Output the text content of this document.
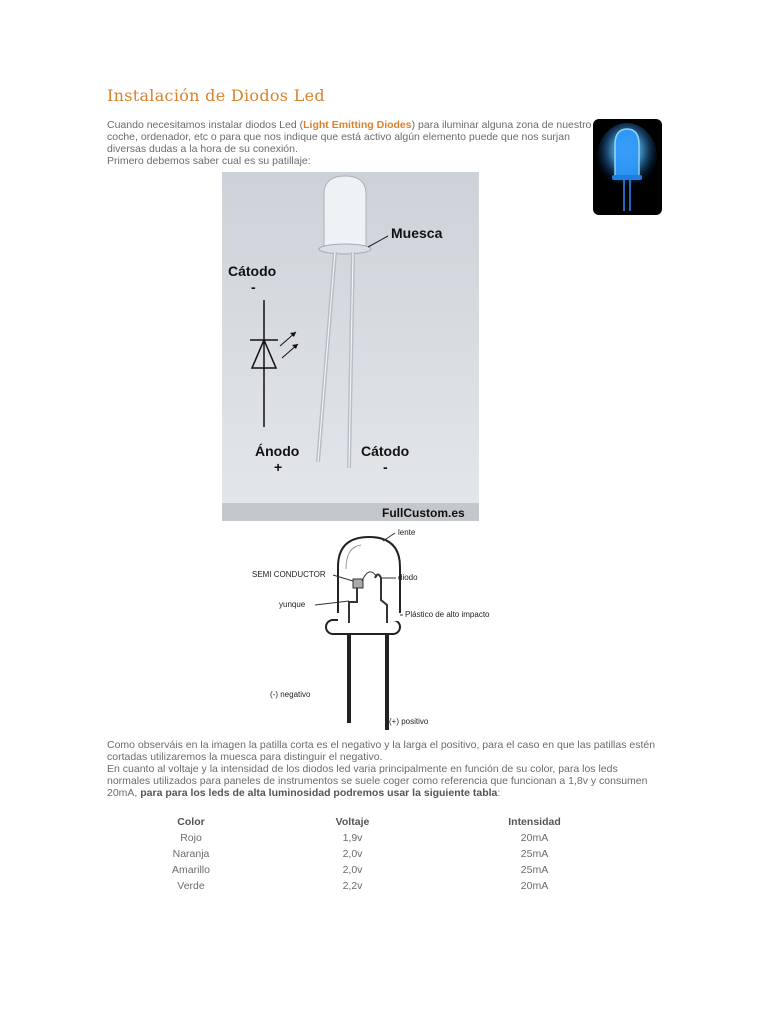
Instalación de Diodos Led

Cuando necesitamos instalar diodos Led (Light Emitting Diodes) para iluminar alguna zona de nuestro coche, ordenador, etc o para que nos indique que está activo algún elemento puede que nos surjan diversas dudas a la hora de su conexión.
Primero debemos saber cual es su patillaje:

Muesca
Cátodo
-
Ánodo
+
Cátodo
-
FullCustom.es
lente
SEMI CONDUCTOR	diodo
yunque
Plástico de alto impacto
(-) negativo
(+) positivo

Como observáis en la imagen la patilla corta es el negativo y la larga el positivo, para el caso en que las patillas estén cortadas utilizaremos la muesca para distinguir el negativo.
En cuanto al voltaje y la intensidad de los diodos led varia principalmente en función de su color, para los leds normales utilizados para paneles de instrumentos se suele coger como referencia que funcionan a 1,8v y consumen 20mA, para para los leds de alta luminosidad podremos usar la siguiente tabla:

Color	Voltaje	Intensidad
Rojo	1,9v	20mA
Naranja	2,0v	25mA
Amarillo	2,0v	25mA
Verde	2,2v	20mA
